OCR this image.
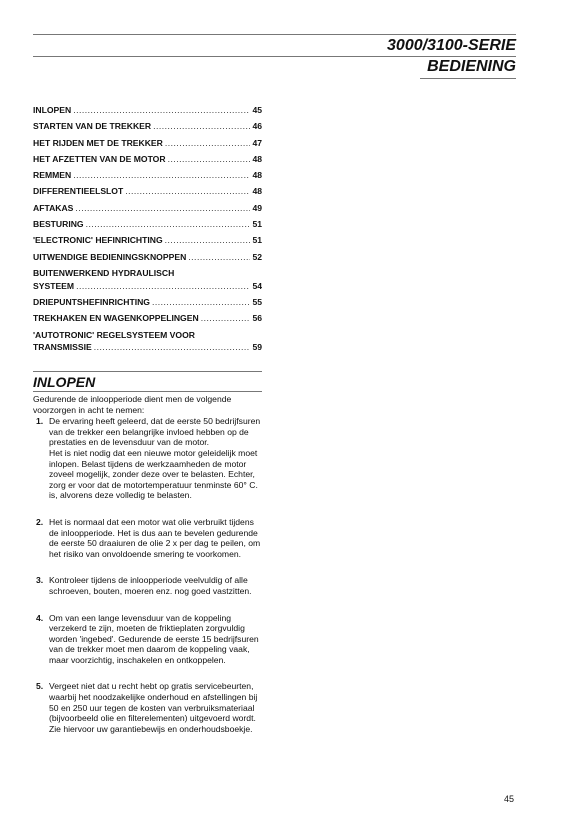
3000/3100-SERIE
BEDIENING
INLOPEN .....	45
STARTEN VAN DE TREKKER .....	46
HET RIJDEN MET DE TREKKER .....	47
HET AFZETTEN VAN DE MOTOR .....	48
REMMEN .....	48
DIFFERENTIEELSLOT .....	48
AFTAKAS .....	49
BESTURING .....	51
'ELECTRONIC' HEFINRICHTING .....	51
UITWENDIGE BEDIENINGSKNOPPEN .....	52
BUITENWERKEND HYDRAULISCH
SYSTEEM .....	54
DRIEPUNTSHEFINRICHTING .....	55
TREKHAKEN EN WAGENKOPPELINGEN .....	56
'AUTOTRONIC' REGELSYSTEEM VOOR
TRANSMISSIE .....	59
INLOPEN

Gedurende de inloopperiode dient men de volgende voorzorgen in acht te nemen:

1. De ervaring heeft geleerd, dat de eerste 50 bedrijfsuren van de trekker een belangrijke invloed hebben op de prestaties en de levensduur van de motor.

Het is niet nodig dat een nieuwe motor geleidelijk moet inlopen. Belast tijdens de werkzaamheden de motor zoveel mogelijk, zonder deze over te belasten. Echter, zorg er voor dat de motortemperatuur tenminste 60° C. is, alvorens deze volledig te belasten.

2. Het is normaal dat een motor wat olie verbruikt tijdens de inloopperiode. Het is dus aan te bevelen gedurende de eerste 50 draaiuren de olie 2 x per dag te peilen, om het risiko van onvoldoende smering te voorkomen.

3. Kontroleer tijdens de inloopperiode veelvuldig of alle schroeven, bouten, moeren enz. nog goed vastzitten.

4. Om van een lange levensduur van de koppeling verzekerd te zijn, moeten de friktieplaten zorgvuldig worden 'ingebed'. Gedurende de eerste 15 bedrijfsuren van de trekker moet men daarom de koppeling vaak, maar voorzichtig, inschakelen en ontkoppelen.

5. Vergeet niet dat u recht hebt op gratis servicebeurten, waarbij het noodzakelijke onderhoud en afstellingen bij 50 en 250 uur tegen de kosten van verbruiksmateriaal (bijvoorbeeld olie en filterelementen) uitgevoerd wordt. Zie hiervoor uw garantiebewijs en onderhoudsboekje.

45
